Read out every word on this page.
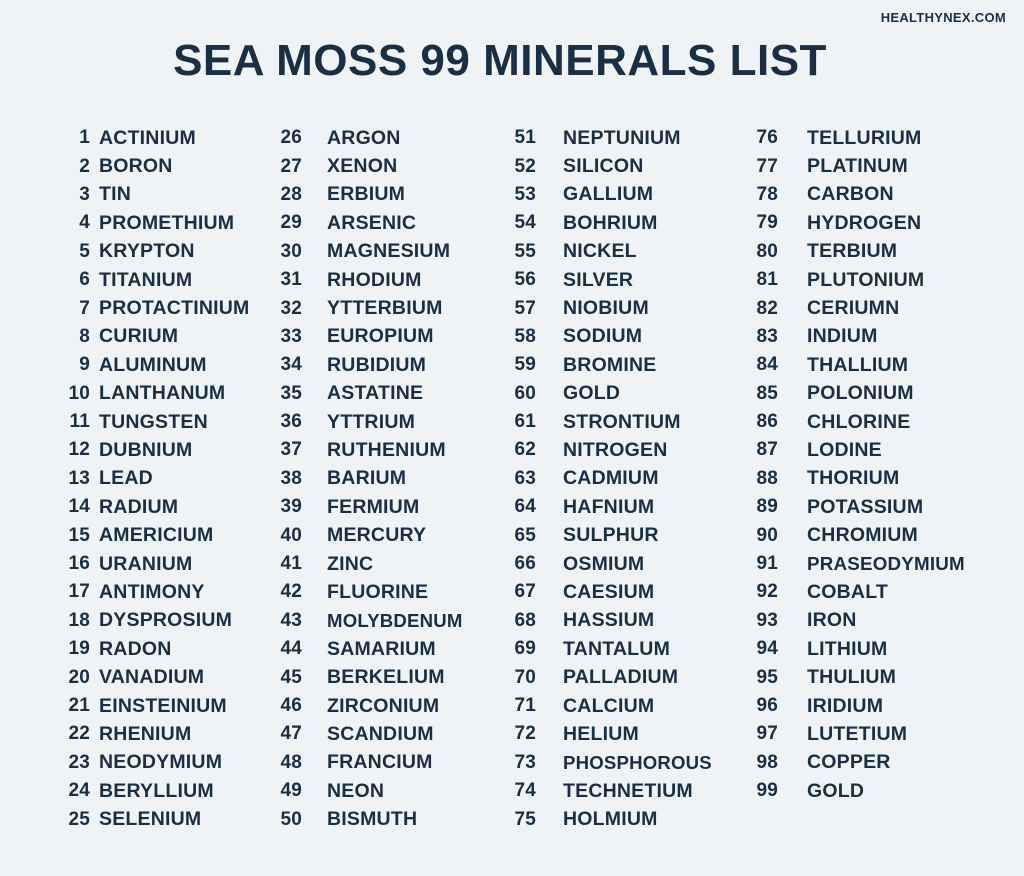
HEALTHYNEX.COM
SEA MOSS 99 MINERALS LIST
1 ACTINIUM
2 BORON
3 TIN
4 PROMETHIUM
5 KRYPTON
6 TITANIUM
7 PROTACTINIUM
8 CURIUM
9 ALUMINUM
10 LANTHANUM
11 TUNGSTEN
12 DUBNIUM
13 LEAD
14 RADIUM
15 AMERICIUM
16 URANIUM
17 ANTIMONY
18 DYSPROSIUM
19 RADON
20 VANADIUM
21 EINSTEINIUM
22 RHENIUM
23 NEODYMIUM
24 BERYLLIUM
25 SELENIUM
26 ARGON
27 XENON
28 ERBIUM
29 ARSENIC
30 MAGNESIUM
31 RHODIUM
32 YTTERBIUM
33 EUROPIUM
34 RUBIDIUM
35 ASTATINE
36 YTTRIUM
37 RUTHENIUM
38 BARIUM
39 FERMIUM
40 MERCURY
41 ZINC
42 FLUORINE
43 MOLYBDENUM
44 SAMARIUM
45 BERKELIUM
46 ZIRCONIUM
47 SCANDIUM
48 FRANCIUM
49 NEON
50 BISMUTH
51 NEPTUNIUM
52 SILICON
53 GALLIUM
54 BOHRIUM
55 NICKEL
56 SILVER
57 NIOBIUM
58 SODIUM
59 BROMINE
60 GOLD
61 STRONTIUM
62 NITROGEN
63 CADMIUM
64 HAFNIUM
65 SULPHUR
66 OSMIUM
67 CAESIUM
68 HASSIUM
69 TANTALUM
70 PALLADIUM
71 CALCIUM
72 HELIUM
73 PHOSPHOROUS
74 TECHNETIUM
75 HOLMIUM
76 TELLURIUM
77 PLATINUM
78 CARBON
79 HYDROGEN
80 TERBIUM
81 PLUTONIUM
82 CERIUMN
83 INDIUM
84 THALLIUM
85 POLONIUM
86 CHLORINE
87 LODINE
88 THORIUM
89 POTASSIUM
90 CHROMIUM
91 PRASEODYMIUM
92 COBALT
93 IRON
94 LITHIUM
95 THULIUM
96 IRIDIUM
97 LUTETIUM
98 COPPER
99 GOLD
